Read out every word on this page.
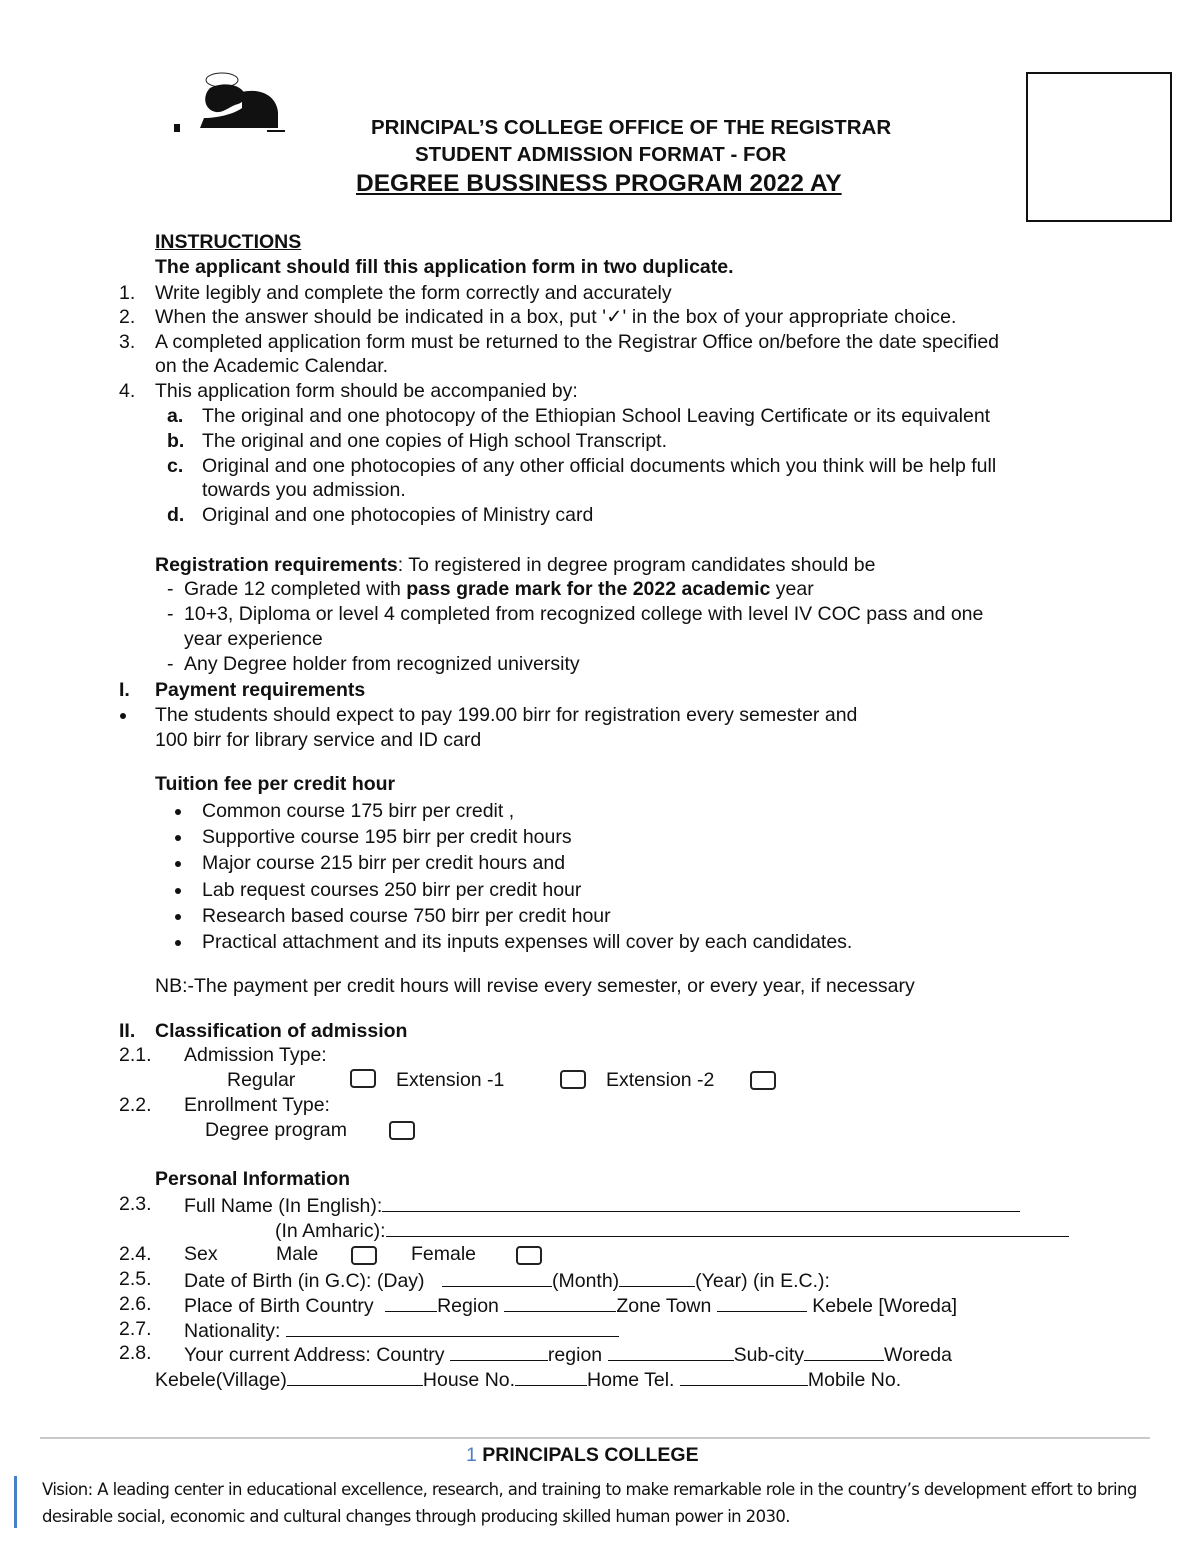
PRINCIPAL’S COLLEGE OFFICE OF THE REGISTRAR
STUDENT ADMISSION FORMAT - FOR
DEGREE BUSSINESS PROGRAM 2022 AY
INSTRUCTIONS
The applicant should fill this application form in two duplicate.
1. Write legibly and complete the form correctly and accurately
2. When the answer should be indicated in a box, put '✓' in the box of your appropriate choice.
3. A completed application form must be returned to the Registrar Office on/before the date specified
on the Academic Calendar.
4. This application form should be accompanied by:
a. The original and one photocopy of the Ethiopian School Leaving Certificate or its equivalent
b. The original and one copies of High school Transcript.
c. Original and one photocopies of any other official documents which you think will be help full
towards you admission.
d. Original and one photocopies of Ministry card
Registration requirements: To registered in degree program candidates should be
- Grade 12 completed with pass grade mark for the 2022 academic year
- 10+3, Diploma or level 4 completed from recognized college with level IV COC pass and one
year experience
- Any Degree holder from recognized university
I. Payment requirements
The students should expect to pay 199.00 birr for registration every semester and
100 birr for library service and ID card
Tuition fee per credit hour
Common course 175 birr per credit ,
Supportive course 195 birr per credit hours
Major course 215 birr per credit hours and
Lab request courses 250 birr per credit hour
Research based course 750 birr per credit hour
Practical attachment and its inputs expenses will cover by each candidates.
NB:-The payment per credit hours will revise every semester, or every year, if necessary
II. Classification of admission
2.1. Admission Type:
Regular	Extension -1	Extension -2
2.2. Enrollment Type:
Degree program
Personal Information
2.3. Full Name (In English):
(In Amharic):
2.4. Sex	Male	Female
2.5. Date of Birth (in G.C): (Day)	(Month)	(Year) (in E.C.):
2.6. Place of Birth Country	Region	Zone Town	Kebele [Woreda]
2.7. Nationality:
2.8. Your current Address: Country	region	Sub-city	Woreda
Kebele(Village)	House No.	Home Tel.	Mobile No.
1 PRINCIPALS COLLEGE
Vision: A leading center in educational excellence, research, and training to make remarkable role in the country’s development effort to bring desirable social, economic and cultural changes through producing skilled human power in 2030.
